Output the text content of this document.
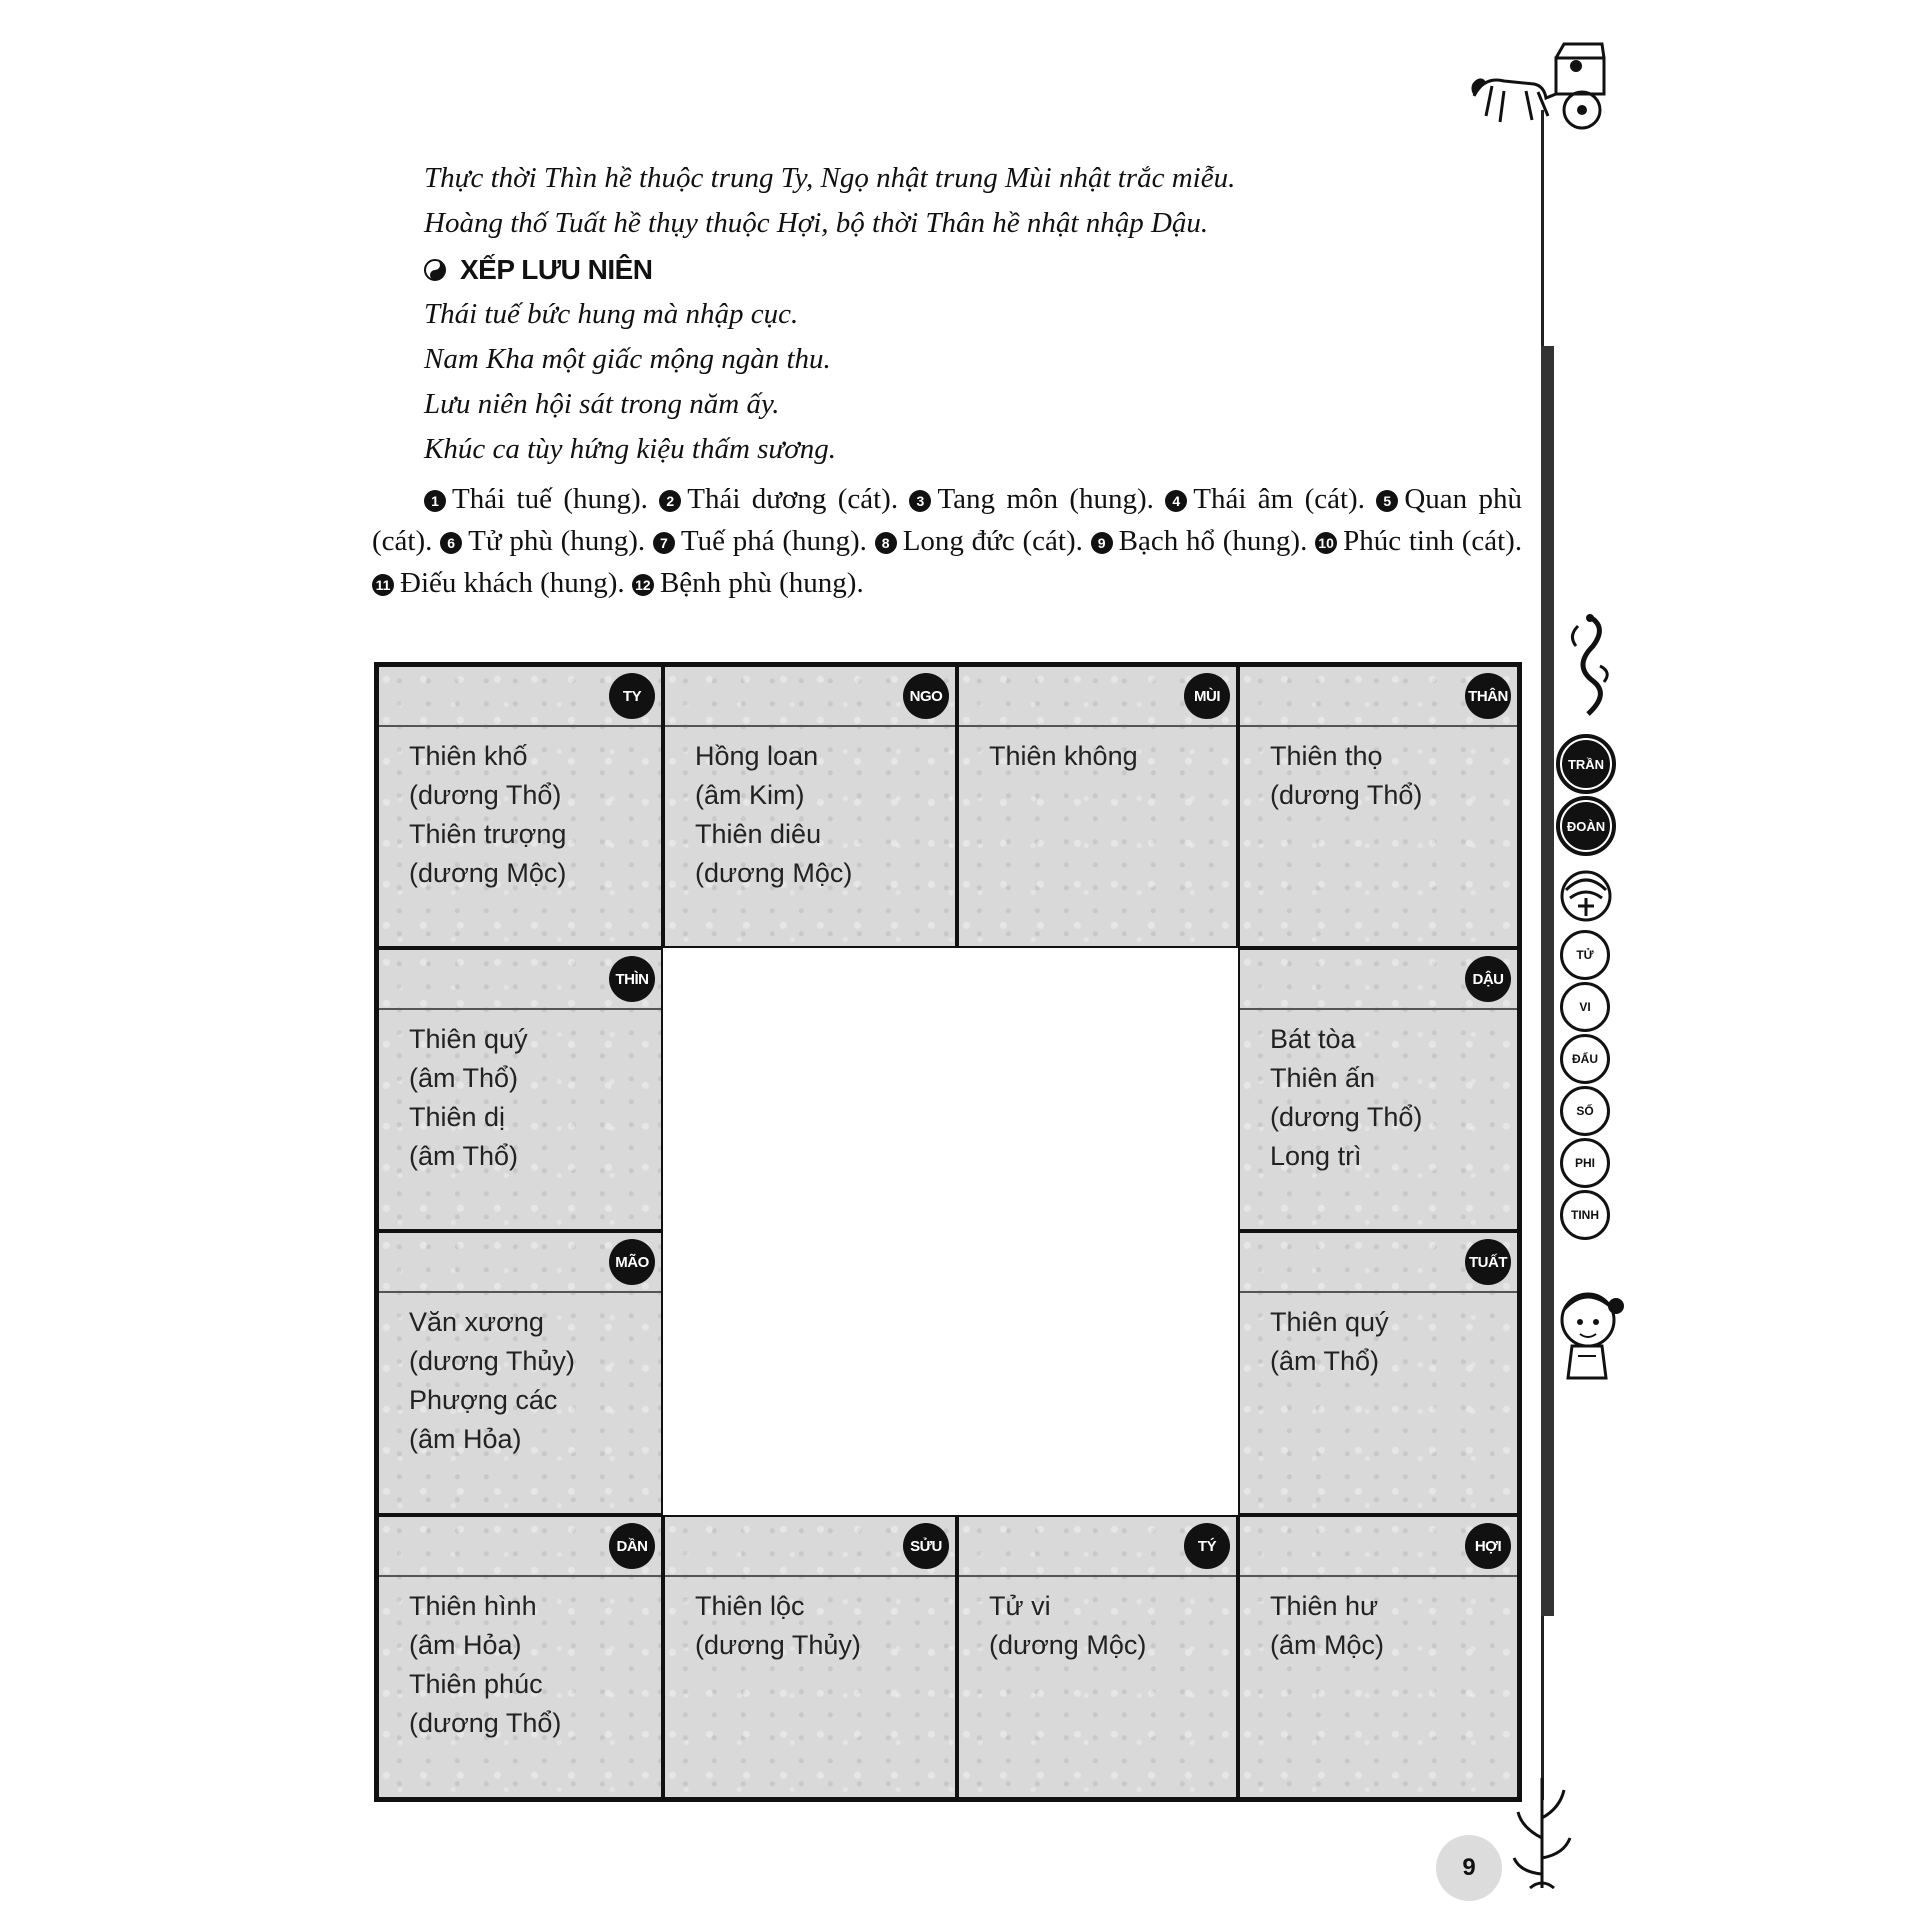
Thực thời Thìn hề thuộc trung Ty, Ngọ nhật trung Mùi nhật trắc miễu.

Hoàng thố Tuất hề thụy thuộc Hợi, bộ thời Thân hề nhật nhập Dậu.

XẾP LƯU NIÊN

Thái tuế bức hung mà nhập cục.

Nam Kha một giấc mộng ngàn thu.

Lưu niên hội sát trong năm ấy.

Khúc ca tùy hứng kiệu thấm sương.

1 Thái tuế (hung). 2 Thái dương (cát). 3 Tang môn (hung). 4 Thái âm (cát). 5 Quan phù (cát). 6 Tử phù (hung). 7 Tuế phá (hung). 8 Long đức (cát). 9 Bạch hổ (hung). 10 Phúc tinh (cát). 11 Điếu khách (hung). 12 Bệnh phù (hung).

TY
Thiên khố
(dương Thổ)
Thiên trượng
(dương Mộc)
NGO
Hồng loan
(âm Kim)
Thiên diêu
(dương Mộc)
MÙI
Thiên không
THÂN
Thiên thọ
(dương Thổ)
THÌN
Thiên quý
(âm Thổ)
Thiên dị
(âm Thổ)
DẬU
Bát tòa
Thiên ấn
(dương Thổ)
Long trì
MÃO
Văn xương
(dương Thủy)
Phượng các
(âm Hỏa)
TUẤT
Thiên quý
(âm Thổ)
DẦN
Thiên hình
(âm Hỏa)
Thiên phúc
(dương Thổ)
SỬU
Thiên lộc
(dương Thủy)
TÝ
Tử vi
(dương Mộc)
HỢI
Thiên hư
(âm Mộc)
TRẦN
ĐOÀN
TỬ
VI
ĐẨU
SỐ
PHI
TINH
9
